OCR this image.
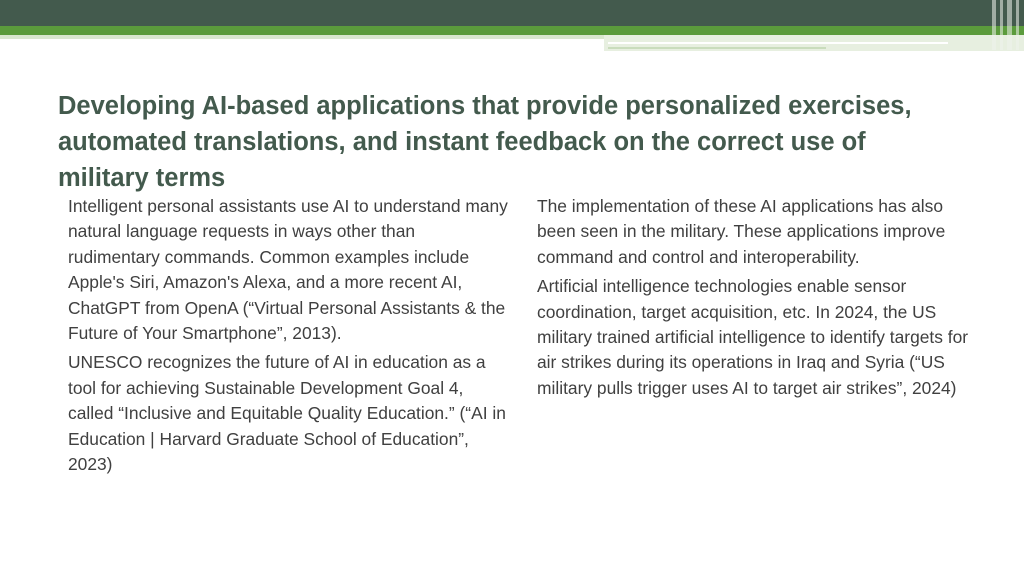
Developing AI-based applications that provide personalized exercises, automated translations, and instant feedback on the correct use of military terms

Intelligent personal assistants use AI to understand many natural language requests in ways other than rudimentary commands. Common examples include Apple's Siri, Amazon's Alexa, and a more recent AI, ChatGPT from OpenA (“Virtual Personal Assistants & the Future of Your Smartphone”, 2013).

UNESCO recognizes the future of AI in education as a tool for achieving Sustainable Development Goal 4, called “Inclusive and Equitable Quality Education.” (“AI in Education | Harvard Graduate School of Education”, 2023)

The implementation of these AI applications has also been seen in the military. These applications improve command and control and interoperability.

Artificial intelligence technologies enable sensor coordination, target acquisition, etc. In 2024, the US military trained artificial intelligence to identify targets for air strikes during its operations in Iraq and Syria (“US military pulls trigger uses AI to target air strikes”, 2024)
